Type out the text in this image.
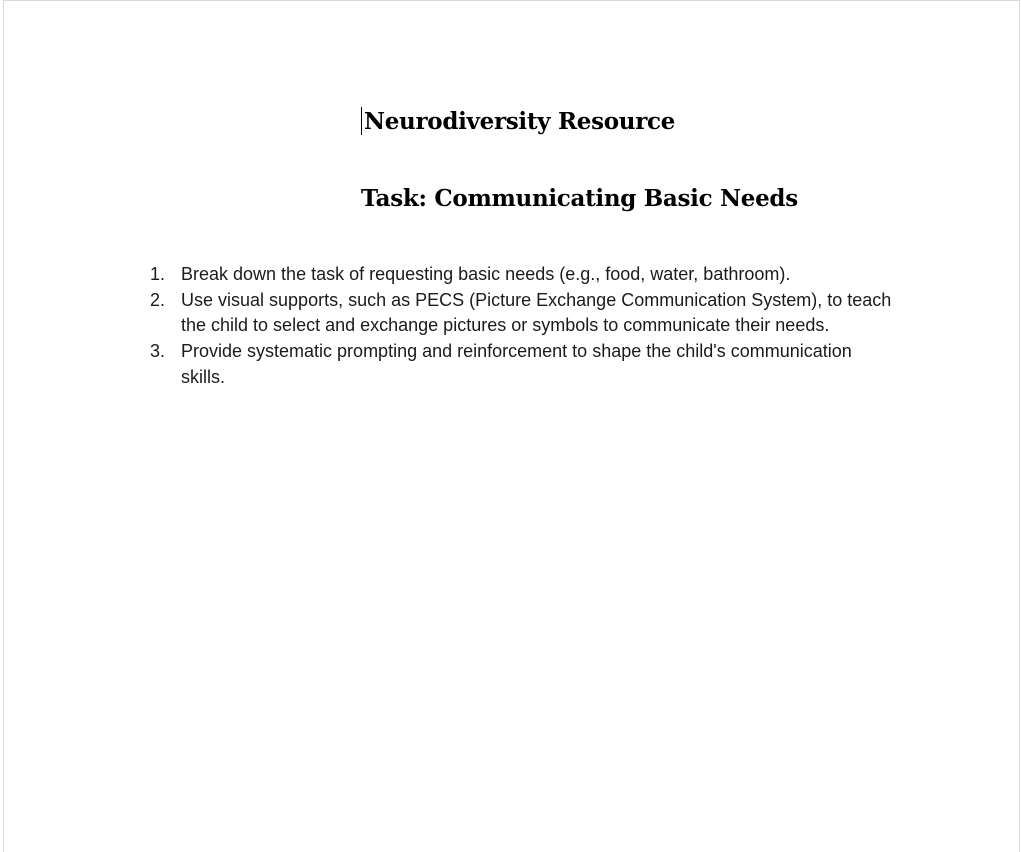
Neurodiversity Resource
Task: Communicating Basic Needs
1. Break down the task of requesting basic needs (e.g., food, water, bathroom).
2. Use visual supports, such as PECS (Picture Exchange Communication System), to teach
the child to select and exchange pictures or symbols to communicate their needs.
3. Provide systematic prompting and reinforcement to shape the child's communication
skills.
